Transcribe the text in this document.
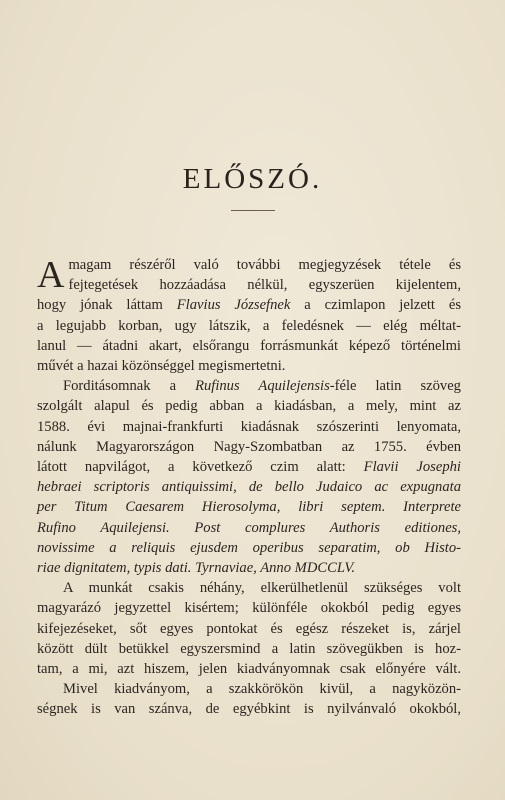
ELŐSZÓ.
A magam részéről való további megjegyzések tétele és
fejtegetések hozzáadása nélkül, egyszerüen kijelentem,
hogy jónak láttam Flavius Józsefnek a czimlapon jelzett és
a legujabb korban, ugy látszik, a feledésnek — elég méltat-
lanul — átadni akart, elsőrangu forrásmunkát képező történelmi
művét a hazai közönséggel megismertetni.
Forditásomnak a Rufinus Aquilejensis-féle latin szöveg
szolgált alapul és pedig abban a kiadásban, a mely, mint az
1588. évi majnai-frankfurti kiadásnak szószerinti lenyomata,
nálunk Magyarországon Nagy-Szombatban az 1755. évben
látott napvilágot, a következő czim alatt: Flavii Josephi
hebraei scriptoris antiquissimi, de bello Judaico ac expugnata
per Titum Caesarem Hierosolyma, libri septem. Interprete
Rufino Aquilejensi. Post complures Authoris editiones,
novissime a reliquis ejusdem operibus separatim, ob Histo-
riae dignitatem, typis dati. Tyrnaviae, Anno MDCCLV.
A munkát csakis néhány, elkerülhetlenül szükséges volt
magyarázó jegyzettel kisértem; különféle okokból pedig egyes
kifejezéseket, sőt egyes pontokat és egész részeket is, zárjel
között dült betükkel egyszersmind a latin szövegükben is hoz-
tam, a mi, azt hiszem, jelen kiadványomnak csak előnyére vált.
Mivel kiadványom, a szakkörökön kivül, a nagyközön-
ségnek is van szánva, de egyébkint is nyilvánvaló okokból,
